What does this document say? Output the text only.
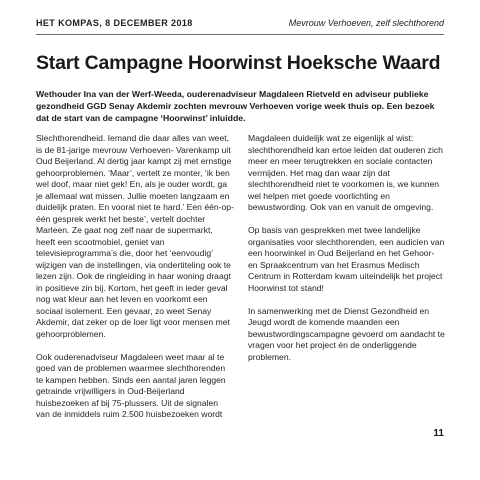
HET KOMPAS, 8 DECEMBER 2018	Mevrouw Verhoeven, zelf slechthorend
Start Campagne Hoorwinst Hoeksche Waard

Wethouder Ina van der Werf-Weeda, ouderenadviseur Magdaleen Rietveld en adviseur publieke gezondheid GGD Senay Akdemir zochten mevrouw Verhoeven vorige week thuis op. Een bezoek dat de start van de campagne ‘Hoorwinst’ inluidde.

Slechthorendheid. Iemand die daar alles van weet, is de 81-jarige mevrouw Verhoeven- Varenkamp uit Oud Beijerland. Al dertig jaar kampt zij met ernstige gehoorproblemen. ‘Maar’, vertelt ze monter, ‘ik ben wel doof, maar niet gek! En, als je ouder wordt, ga je allemaal wat missen. Jullie moeten langzaam en duidelijk praten. En vooral niet te hard.’ Een één-op-één gesprek werkt het beste’, vertelt dochter Marleen. Ze gaat nog zelf naar de supermarkt, heeft een scootmobiel, geniet van televisieprogramma’s die, door het ‘eenvoudig’ wijzigen van de instellingen, via ondertiteling ook te lezen zijn. Ook de ringleiding in haar woning draagt in positieve zin bij. Kortom, het geeft in ieder geval nog wat kleur aan het leven en voorkomt een sociaal isolement. Een gevaar, zo weet Senay Akdemir, dat zeker op de loer ligt voor mensen met gehoorproblemen.

Ook ouderenadviseur Magdaleen weet maar al te goed van de problemen waarmee slechthorenden te kampen hebben. Sinds een aantal jaren leggen getrainde vrijwilligers in Oud-Beijerland huisbezoeken af bij 75-plussers. Uit de signalen van de inmiddels ruim 2.500 huisbezoeken wordt

Magdaleen duidelijk wat ze eigenlijk al wist: slechthorendheid kan ertoe leiden dat ouderen zich meer en meer terugtrekken en sociale contacten vermijden. Het mag dan waar zijn dat slechthorendheid niet te voorkomen is, we kunnen wel helpen met goede voorlichting en bewustwording. Ook van en vanuit de omgeving.

Op basis van gesprekken met twee landelijke organisaties voor slechthorenden, een audicien van een hoorwinkel in Oud Beijerland en het Gehoor- en Spraakcentrum van het Erasmus Medisch Centrum in Rotterdam kwam uiteindelijk het project Hoorwinst tot stand!

In samenwerking met de Dienst Gezondheid en Jeugd wordt de komende maanden een bewustwordingscampagne gevoerd om aandacht te vragen voor het project én de onderliggende problemen.

11
